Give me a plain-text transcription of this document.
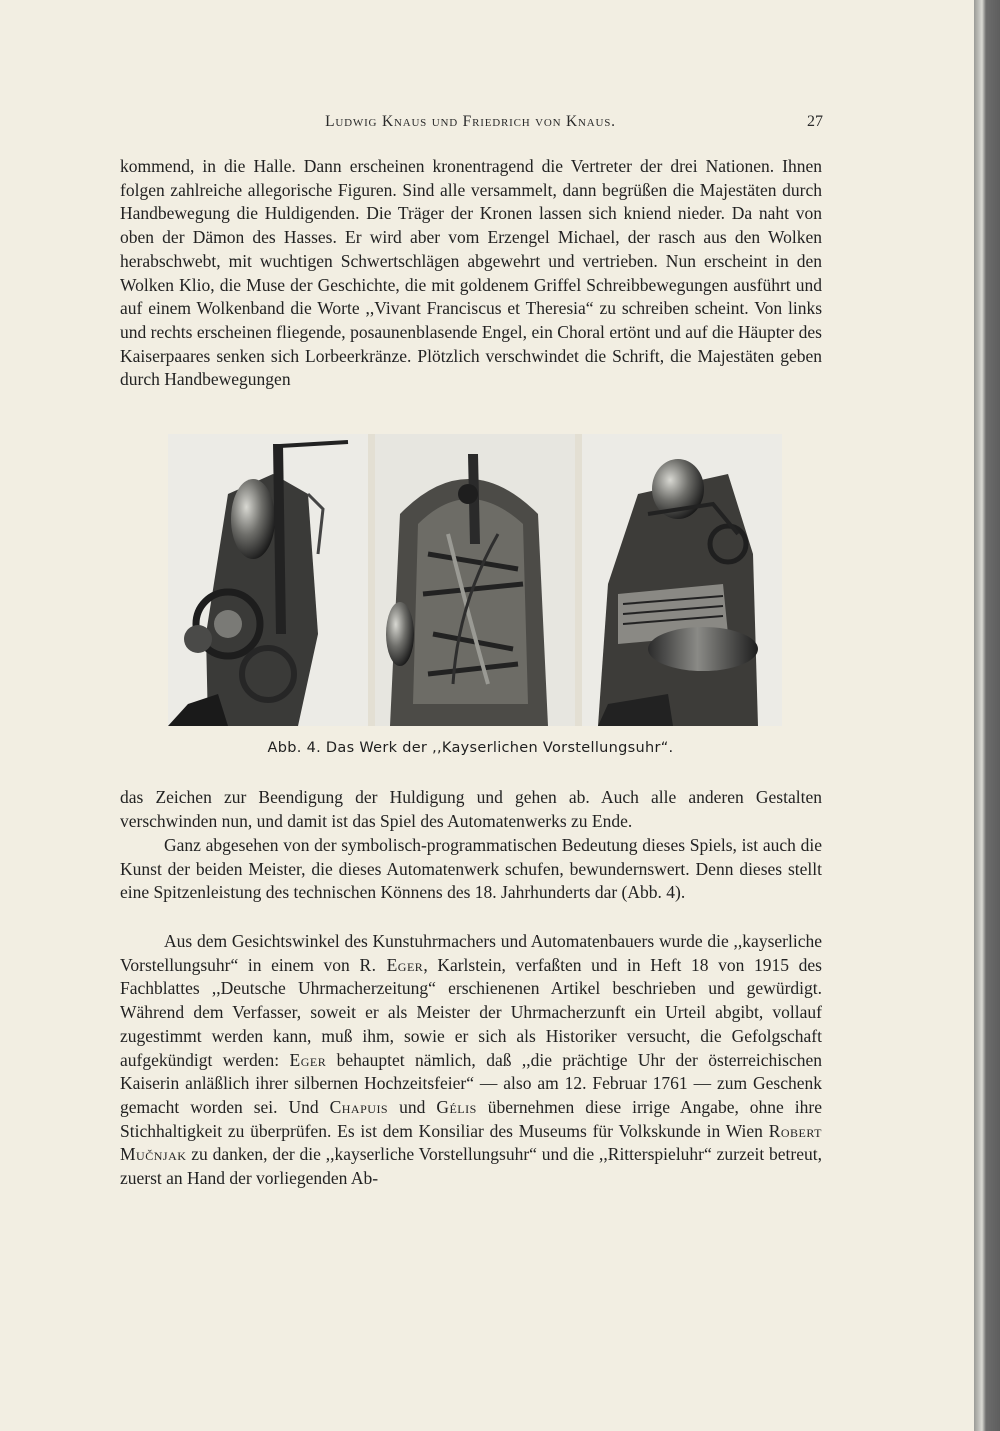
Ludwig Knaus und Friedrich von Knaus.	27

kommend, in die Halle. Dann erscheinen kronentragend die Vertreter der drei Nationen. Ihnen folgen zahlreiche allegorische Figuren. Sind alle versammelt, dann begrüßen die Majestäten durch Handbewegung die Huldigenden. Die Träger der Kronen lassen sich kniend nieder. Da naht von oben der Dämon des Hasses. Er wird aber vom Erzengel Michael, der rasch aus den Wolken herabschwebt, mit wuchtigen Schwertschlägen abgewehrt und vertrieben. Nun erscheint in den Wolken Klio, die Muse der Geschichte, die mit goldenem Griffel Schreibbewegungen ausführt und auf einem Wolkenband die Worte ,,Vivant Franciscus et Theresia“ zu schreiben scheint. Von links und rechts erscheinen fliegende, posaunenblasende Engel, ein Choral ertönt und auf die Häupter des Kaiserpaares senken sich Lorbeerkränze. Plötzlich verschwindet die Schrift, die Majestäten geben durch Handbewegungen

Abb. 4. Das Werk der ,,Kayserlichen Vorstellungsuhr“.

das Zeichen zur Beendigung der Huldigung und gehen ab. Auch alle anderen Gestalten verschwinden nun, und damit ist das Spiel des Automatenwerks zu Ende.

Ganz abgesehen von der symbolisch-programmatischen Bedeutung dieses Spiels, ist auch die Kunst der beiden Meister, die dieses Automatenwerk schufen, bewundernswert. Denn dieses stellt eine Spitzenleistung des technischen Könnens des 18. Jahrhunderts dar (Abb. 4).

Aus dem Gesichtswinkel des Kunstuhrmachers und Automatenbauers wurde die ,,kayserliche Vorstellungsuhr“ in einem von R. Eger, Karlstein, verfaßten und in Heft 18 von 1915 des Fachblattes ,,Deutsche Uhrmacherzeitung“ erschienenen Artikel beschrieben und gewürdigt. Während dem Verfasser, soweit er als Meister der Uhrmacherzunft ein Urteil abgibt, vollauf zugestimmt werden kann, muß ihm, sowie er sich als Historiker versucht, die Gefolgschaft aufgekündigt werden: Eger behauptet nämlich, daß ,,die prächtige Uhr der österreichischen Kaiserin anläßlich ihrer silbernen Hochzeitsfeier“ — also am 12. Februar 1761 — zum Geschenk gemacht worden sei. Und Chapuis und Gélis übernehmen diese irrige Angabe, ohne ihre Stichhaltigkeit zu überprüfen. Es ist dem Konsiliar des Museums für Volkskunde in Wien Robert Mučnjak zu danken, der die ,,kayserliche Vorstellungsuhr“ und die ,,Ritterspieluhr“ zurzeit betreut, zuerst an Hand der vorliegenden Ab-
